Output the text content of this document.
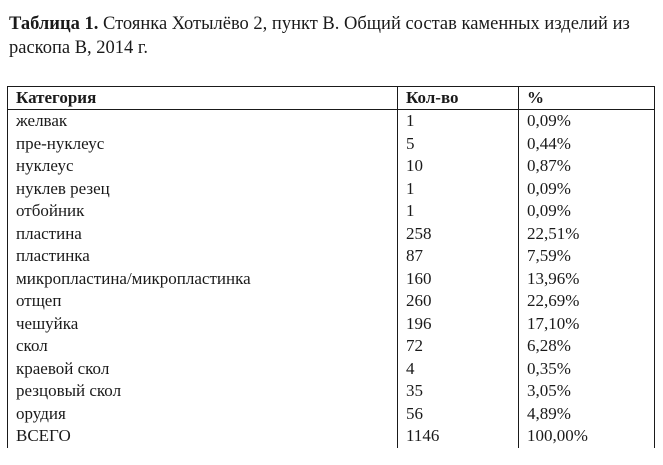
Таблица 1. Стоянка Хотылёво 2, пункт В. Общий состав каменных изделий из раскопа В, 2014 г.

Категория	Кол-во	%
желвак	1	0,09%
пре-нуклеус	5	0,44%
нуклеус	10	0,87%
нуклев резец	1	0,09%
отбойник	1	0,09%
пластина	258	22,51%
пластинка	87	7,59%
микропластина/микропластинка	160	13,96%
отщеп	260	22,69%
чешуйка	196	17,10%
скол	72	6,28%
краевой скол	4	0,35%
резцовый скол	35	3,05%
орудия	56	4,89%
ВСЕГО	1146	100,00%
